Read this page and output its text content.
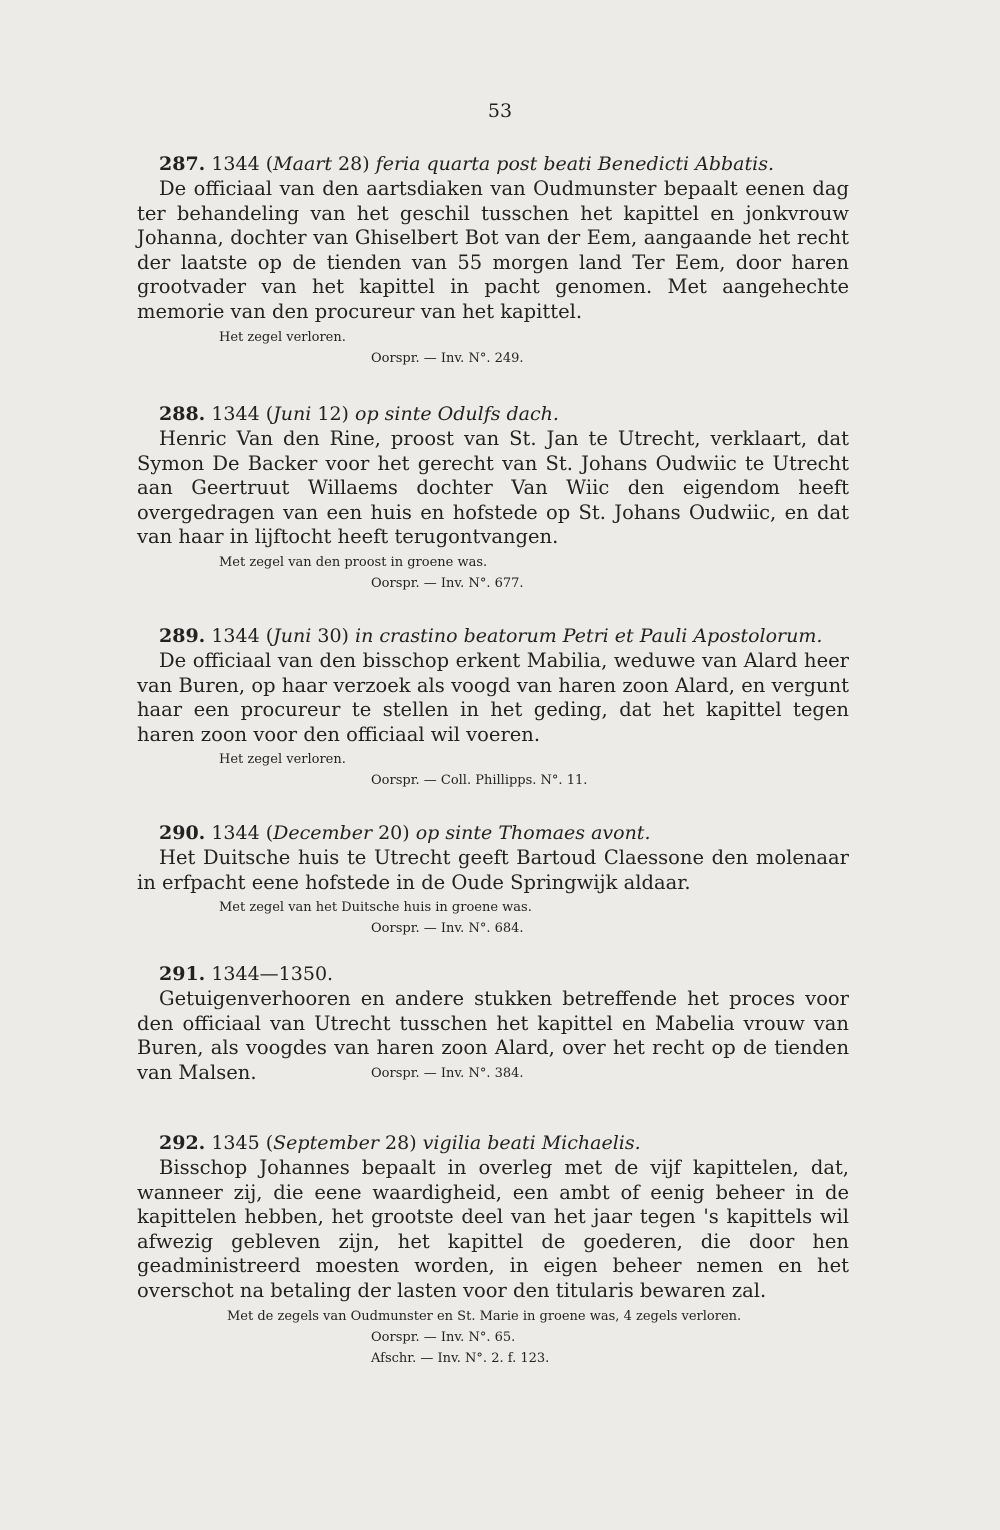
53
287. 1344 (Maart 28) feria quarta post beati Benedicti Abbatis.

De officiaal van den aartsdiaken van Oudmunster bepaalt eenen dag ter behandeling van het geschil tusschen het kapittel en jonkvrouw Johanna, dochter van Ghiselbert Bot van der Eem, aangaande het recht der laatste op de tienden van 55 morgen land Ter Eem, door haren grootvader van het kapittel in pacht genomen. Met aangehechte memorie van den procureur van het kapittel.

Het zegel verloren.
Oorspr. — Inv. N°. 249.
288. 1344 (Juni 12) op sinte Odulfs dach.

Henric Van den Rine, proost van St. Jan te Utrecht, verklaart, dat Symon De Backer voor het gerecht van St. Johans Oudwiic te Utrecht aan Geertruut Willaems dochter Van Wiic den eigendom heeft overgedragen van een huis en hofstede op St. Johans Oudwiic, en dat van haar in lijftocht heeft terugontvangen.

Met zegel van den proost in groene was.
Oorspr. — Inv. N°. 677.
289. 1344 (Juni 30) in crastino beatorum Petri et Pauli Apostolorum.

De officiaal van den bisschop erkent Mabilia, weduwe van Alard heer van Buren, op haar verzoek als voogd van haren zoon Alard, en vergunt haar een procureur te stellen in het geding, dat het kapittel tegen haren zoon voor den officiaal wil voeren.

Het zegel verloren.
Oorspr. — Coll. Phillipps. N°. 11.
290. 1344 (December 20) op sinte Thomaes avont.

Het Duitsche huis te Utrecht geeft Bartoud Claessone den molenaar in erfpacht eene hofstede in de Oude Springwijk aldaar.

Met zegel van het Duitsche huis in groene was.
Oorspr. — Inv. N°. 684.
291. 1344—1350.

Getuigenverhooren en andere stukken betreffende het proces voor den officiaal van Utrecht tusschen het kapittel en Mabelia vrouw van Buren, als voogdes van haren zoon Alard, over het recht op de tienden van Malsen.	Oorspr. — Inv. N°. 384.
292. 1345 (September 28) vigilia beati Michaelis.

Bisschop Johannes bepaalt in overleg met de vijf kapittelen, dat, wanneer zij, die eene waardigheid, een ambt of eenig beheer in de kapittelen hebben, het grootste deel van het jaar tegen 's kapittels wil afwezig gebleven zijn, het kapittel de goederen, die door hen geadministreerd moesten worden, in eigen beheer nemen en het overschot na betaling der lasten voor den titularis bewaren zal.

Met de zegels van Oudmunster en St. Marie in groene was, 4 zegels verloren.
Oorspr. — Inv. N°. 65.
Afschr. — Inv. N°. 2. f. 123.
